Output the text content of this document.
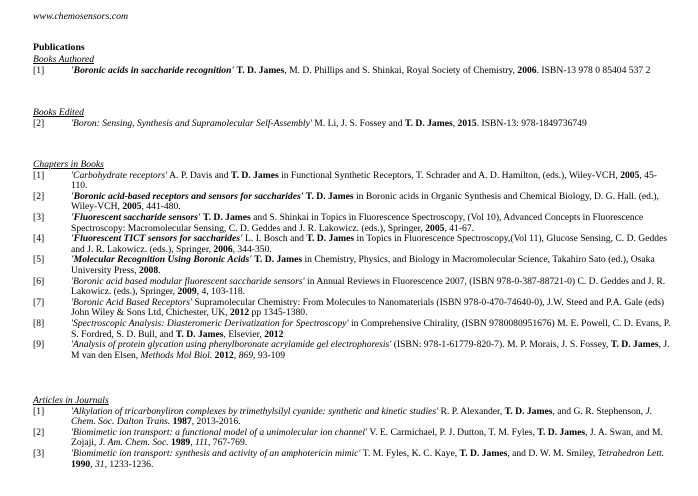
www.chemosensors.com
Publications
Books Authored
[1]	'Boronic acids in saccharide recognition' T. D. James, M. D. Phillips and S. Shinkai, Royal Society of Chemistry, 2006. ISBN-13 978 0 85404 537 2
Books Edited
[2]	'Boron: Sensing, Synthesis and Supramolecular Self-Assembly' M. Li, J. S. Fossey and T. D. James, 2015. ISBN-13: 978-1849736749
Chapters in Books
[1]	'Carbohydrate receptors' A. P. Davis and T. D. James in Functional Synthetic Receptors, T. Schrader and A. D. Hamilton, (eds.), Wiley-VCH, 2005, 45-110.
[2]	'Boronic acid-based receptors and sensors for saccharides' T. D. James in Boronic acids in Organic Synthesis and Chemical Biology, D. G. Hall. (ed.), Wiley-VCH, 2005, 441-480.
[3]	'Fluorescent saccharide sensors' T. D. James and S. Shinkai in Topics in Fluorescence Spectroscopy, (Vol 10), Advanced Concepts in Fluorescence Spectroscopy: Macromolecular Sensing, C. D. Geddes and J. R. Lakowicz. (eds.), Springer, 2005, 41-67.
[4]	'Fluorescent TICT sensors for saccharides' L. I. Bosch and T. D. James in Topics in Fluorescence Spectroscopy,(Vol 11), Glucose Sensing, C. D. Geddes and J. R. Lakowicz. (eds.), Springer, 2006, 344-350.
[5]	'Molecular Recognition Using Boronic Acids' T. D. James in Chemistry, Physics, and Biology in Macromolecular Science, Takahiro Sato (ed.), Osaka University Press, 2008.
[6]	'Boronic acid based modular fluorescent saccharide sensors' in Annual Reviews in Fluorescence 2007, (ISBN 978-0-387-88721-0) C. D. Geddes and J. R. Lakowicz. (eds.), Springer, 2009, 4, 103-118.
[7]	'Boronic Acid Based Receptors' Supramolecular Chemistry: From Molecules to Nanomaterials (ISBN 978-0-470-74640-0), J.W. Steed and P.A. Gale (eds) John Wiley & Sons Ltd, Chichester, UK, 2012 pp 1345-1380.
[8]	'Spectroscopic Analysis: Diasteromeric Derivatization for Spectroscopy' in Comprehensive Chirality, (ISBN 9780080951676) M. E. Powell, C. D. Evans, P. S. Fordred, S. D. Bull, and T. D. James, Elsevier, 2012
[9]	'Analysis of protein glycation using phenylboronate acrylamide gel electrophoresis' (ISBN: 978-1-61779-820-7). M. P. Morais, J. S. Fossey, T. D. James, J. M van den Elsen, Methods Mol Biol. 2012, 869, 93-109
Articles in Journals
[1]	'Alkylation of tricarbonyliron complexes by trimethylsilyl cyanide: synthetic and kinetic studies' R. P. Alexander, T. D. James, and G. R. Stephenson, J. Chem. Soc. Dalton Trans. 1987, 2013-2016.
[2]	'Biomimetic ion transport: a functional model of a unimolecular ion channel' V. E. Carmichael, P. J. Dutton, T. M. Fyles, T. D. James, J. A. Swan, and M. Zojaji, J. Am. Chem. Soc. 1989, 111, 767-769.
[3]	'Biomimetic ion transport: synthesis and activity of an amphotericin mimic' T. M. Fyles, K. C. Kaye, T. D. James, and D. W. M. Smiley, Tetrahedron Lett. 1990, 31, 1233-1236.
